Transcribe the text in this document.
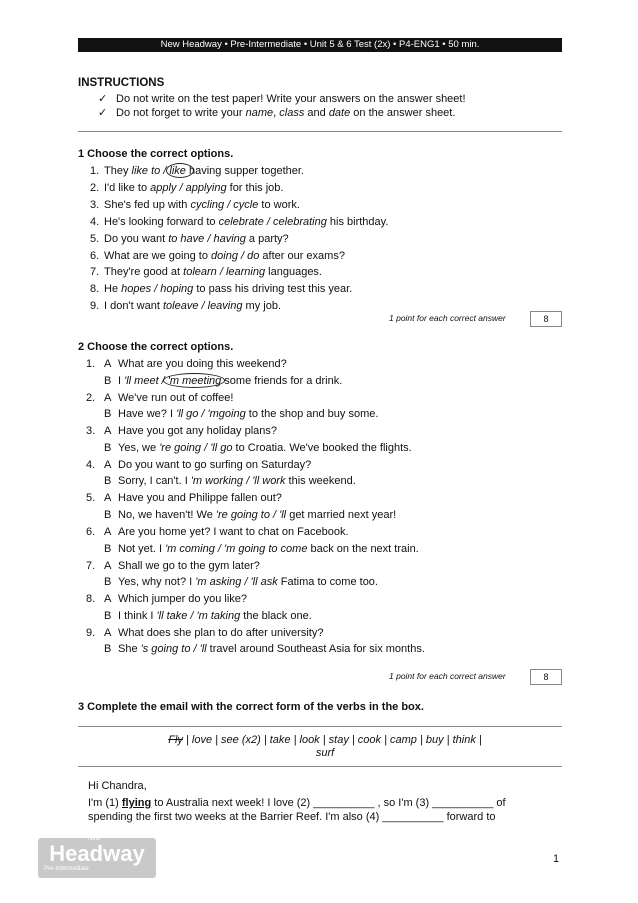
New Headway • Pre-Intermediate • Unit 5 & 6 Test (2x) • P4-ENG1 • 50 min.
INSTRUCTIONS
✓ Do not write on the test paper! Write your answers on the answer sheet!
✓ Do not forget to write your name, class and date on the answer sheet.
1 Choose the correct options.
1. They like to / like having supper together.
2. I'd like to apply / applying for this job.
3. She's fed up with cycling / cycle to work.
4. He's looking forward to celebrate / celebrating his birthday.
5. Do you want to have / having a party?
6. What are we going to doing / do after our exams?
7. They're good at tolearn / learning languages.
8. He hopes / hoping to pass his driving test this year.
9. I don't want toleave / leaving my job.
1 point for each correct answer	8
2 Choose the correct options.
1. A What are you doing this weekend?
B I 'll meet / 'm meeting some friends for a drink.
2. A We've run out of coffee!
B Have we? I 'll go / 'mgoing to the shop and buy some.
3. A Have you got any holiday plans?
B Yes, we 're going / 'll go to Croatia. We've booked the flights.
4. A Do you want to go surfing on Saturday?
B Sorry, I can't. I 'm working / 'll work this weekend.
5. A Have you and Philippe fallen out?
B No, we haven't! We 're going to / 'll get married next year!
6. A Are you home yet? I want to chat on Facebook.
B Not yet. I 'm coming / 'm going to come back on the next train.
7. A Shall we go to the gym later?
B Yes, why not? I 'm asking / 'll ask Fatima to come too.
8. A Which jumper do you like?
B I think I 'll take / 'm taking the black one.
9. A What does she plan to do after university?
B She 's going to / 'll travel around Southeast Asia for six months.
1 point for each correct answer	8
3 Complete the email with the correct form of the verbs in the box.
Fly | love | see (x2) | take | look | stay | cook | camp | buy | think |
surf
Hi Chandra,
I'm (1) flying to Australia next week! I love (2) __________ , so I'm (3) __________ of
spending the first two weeks at the Barrier Reef. I'm also (4) __________ forward to
New
Headway
Pre-Intermediate
1
